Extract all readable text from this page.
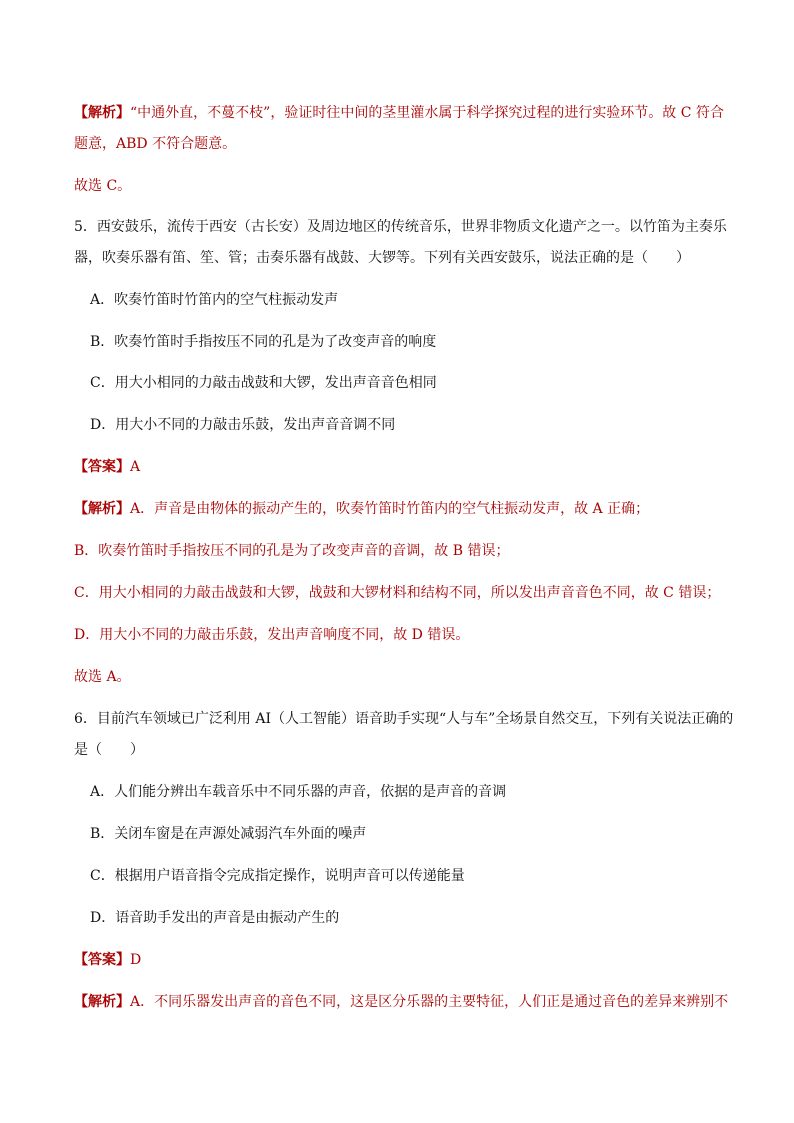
【解析】“中通外直，不蔓不枝”，验证时往中间的茎里灌水属于科学探究过程的进行实验环节。故 C 符合
题意，ABD 不符合题意。
故选 C。
5．西安鼓乐，流传于西安（古长安）及周边地区的传统音乐，世界非物质文化遗产之一。以竹笛为主奏乐
器，吹奏乐器有笛、笙、管；击奏乐器有战鼓、大锣等。下列有关西安鼓乐，说法正确的是（　　）
A．吹奏竹笛时竹笛内的空气柱振动发声
B．吹奏竹笛时手指按压不同的孔是为了改变声音的响度
C．用大小相同的力敲击战鼓和大锣，发出声音音色相同
D．用大小不同的力敲击乐鼓，发出声音音调不同
【答案】A
【解析】A．声音是由物体的振动产生的，吹奏竹笛时竹笛内的空气柱振动发声，故 A 正确；
B．吹奏竹笛时手指按压不同的孔是为了改变声音的音调，故 B 错误；
C．用大小相同的力敲击战鼓和大锣，战鼓和大锣材料和结构不同，所以发出声音音色不同，故 C 错误；
D．用大小不同的力敲击乐鼓，发出声音响度不同，故 D 错误。
故选 A。
6．目前汽车领域已广泛利用 AI（人工智能）语音助手实现“人与车”全场景自然交互，下列有关说法正确的
是（　　）
A．人们能分辨出车载音乐中不同乐器的声音，依据的是声音的音调
B．关闭车窗是在声源处减弱汽车外面的噪声
C．根据用户语音指令完成指定操作，说明声音可以传递能量
D．语音助手发出的声音是由振动产生的
【答案】D
【解析】A．不同乐器发出声音的音色不同，这是区分乐器的主要特征，人们正是通过音色的差异来辨别不
